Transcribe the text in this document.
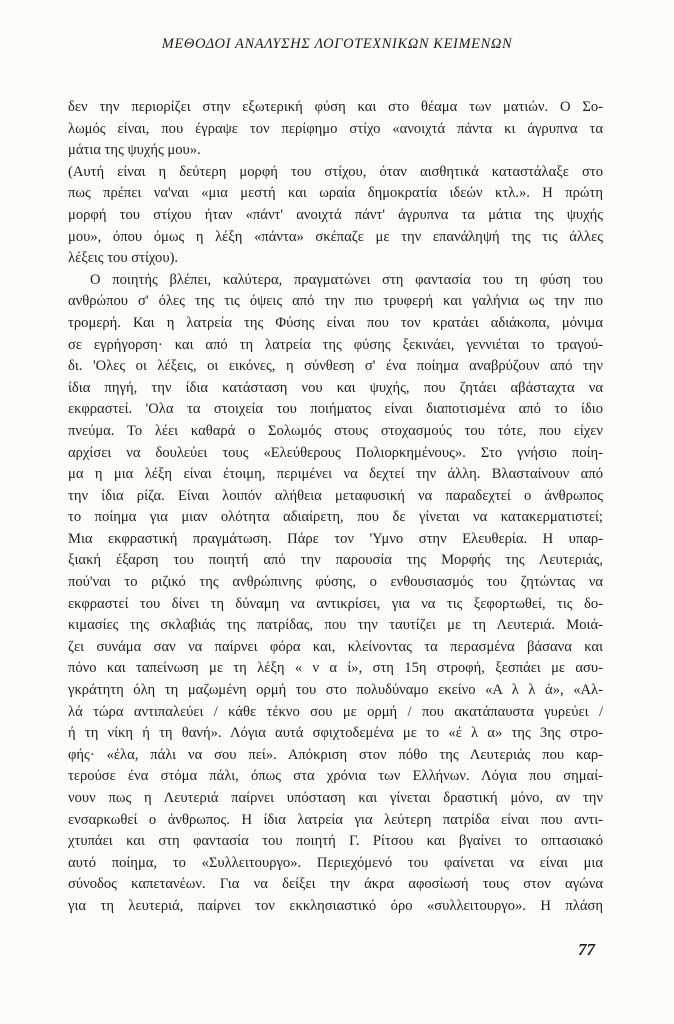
ΜΕΘΟΔΟΙ ΑΝΑΛΥΣΗΣ ΛΟΓΟΤΕΧΝΙΚΩΝ ΚΕΙΜΕΝΩΝ
δεν την περιορίζει στην εξωτερική φύση και στο θέαμα των ματιών. Ο Σο-
λωμός είναι, που έγραψε τον περίφημο στίχο «ανοιχτά πάντα κι άγρυπνα τα
μάτια της ψυχής μου».
(Αυτή είναι η δεύτερη μορφή του στίχου, όταν αισθητικά καταστάλαξε στο
πως πρέπει να'ναι «μια μεστή και ωραία δημοκρατία ιδεών κτλ.». Η πρώτη
μορφή του στίχου ήταν «πάντ' ανοιχτά πάντ' άγρυπνα τα μάτια της ψυχής
μου», όπου όμως η λέξη «πάντα» σκέπαζε με την επανάληψή της τις άλλες
λέξεις του στίχου).
Ο ποιητής βλέπει, καλύτερα, πραγματώνει στη φαντασία του τη φύση του
ανθρώπου σ' όλες της τις όψεις από την πιο τρυφερή και γαλήνια ως την πιο
τρομερή. Και η λατρεία της Φύσης είναι που τον κρατάει αδιάκοπα, μόνιμα
σε εγρήγορση· και από τη λατρεία της φύσης ξεκινάει, γεννιέται το τραγού-
δι. 'Ολες οι λέξεις, οι εικόνες, η σύνθεση σ' ένα ποίημα αναβρύζουν από την
ίδια πηγή, την ίδια κατάσταση νου και ψυχής, που ζητάει αβάσταχτα να
εκφραστεί. 'Ολα τα στοιχεία του ποιήματος είναι διαποτισμένα από το ίδιο
πνεύμα. Το λέει καθαρά ο Σολωμός στους στοχασμούς του τότε, που είχεν
αρχίσει να δουλεύει τους «Ελεύθερους Πολιορκημένους». Στο γνήσιο ποίη-
μα η μια λέξη είναι έτοιμη, περιμένει να δεχτεί την άλλη. Βλασταίνουν από
την ίδια ρίζα. Είναι λοιπόν αλήθεια μεταφυσική να παραδεχτεί ο άνθρωπος
το ποίημα για μιαν ολότητα αδιαίρετη, που δε γίνεται να κατακερματιστεί;
Μια εκφραστική πραγμάτωση. Πάρε τον 'Υμνο στην Ελευθερία. Η υπαρ-
ξιακή έξαρση του ποιητή από την παρουσία της Μορφής της Λευτεριάς,
πού'ναι το ριζικό της ανθρώπινης φύσης, ο ενθουσιασμός του ζητώντας να
εκφραστεί του δίνει τη δύναμη να αντικρίσει, για να τις ξεφορτωθεί, τις δο-
κιμασίες της σκλαβιάς της πατρίδας, που την ταυτίζει με τη Λευτεριά. Μοιά-
ζει συνάμα σαν να παίρνει φόρα και, κλείνοντας τα περασμένα βάσανα και
πόνο και ταπείνωση με τη λέξη « ν α ί», στη 15η στροφή, ξεσπάει με ασυ-
γκράτητη όλη τη μαζωμένη ορμή του στο πολυδύναμο εκείνο «Α λ λ ά», «Αλ-
λά τώρα αντιπαλεύει / κάθε τέκνο σου με ορμή / που ακατάπαυστα γυρεύει /
ή τη νίκη ή τη θανή». Λόγια αυτά σφιχτοδεμένα με το «έ λ α» της 3ης στρο-
φής· «έλα, πάλι να σου πεί». Απόκριση στον πόθο της Λευτεριάς που καρ-
τερούσε ένα στόμα πάλι, όπως στα χρόνια των Ελλήνων. Λόγια που σημαί-
νουν πως η Λευτεριά παίρνει υπόσταση και γίνεται δραστική μόνο, αν την
ενσαρκωθεί ο άνθρωπος. Η ίδια λατρεία για λεύτερη πατρίδα είναι που αντι-
χτυπάει και στη φαντασία του ποιητή Γ. Ρίτσου και βγαίνει το οπτασιακό
αυτό ποίημα, το «Συλλειτουργο». Περιεχόμενό του φαίνεται να είναι μια
σύνοδος καπετανέων. Για να δείξει την άκρα αφοσίωσή τους στον αγώνα
για τη λευτεριά, παίρνει τον εκκλησιαστικό όρο «συλλειτουργο». Η πλάση
77
